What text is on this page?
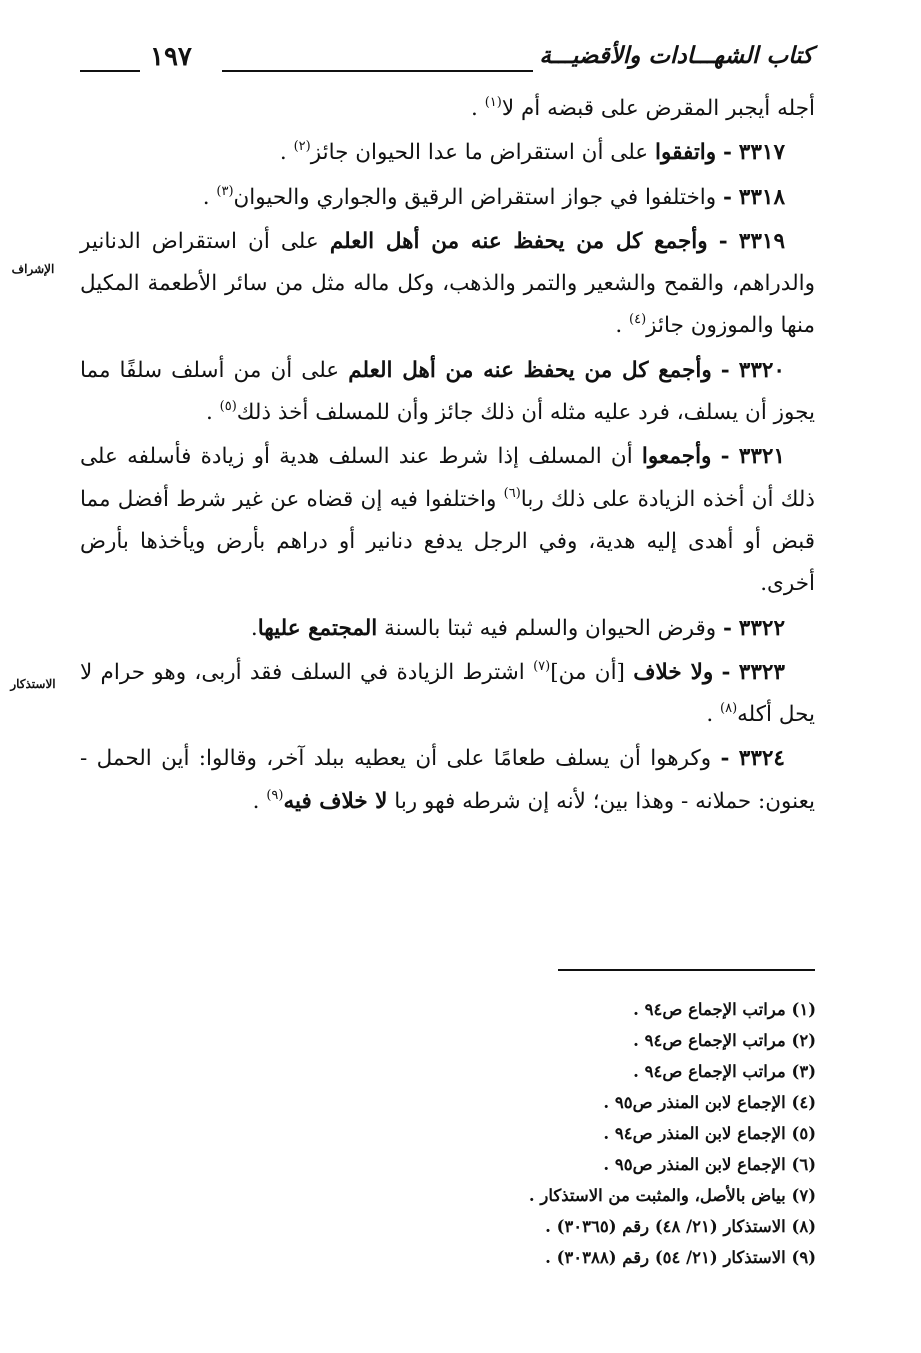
كتاب الشهـــادات والأقضيـــة
١٩٧
الإشراف
الاستذكار

أجله أيجبر المقرض على قبضه أم لا$^{(١)}$ .

٣٣١٧ - واتفقوا على أن استقراض ما عدا الحيوان جائز$^{(٢)}$ .

٣٣١٨ - واختلفوا في جواز استقراض الرقيق والجواري والحيوان$^{(٣)}$ .

٣٣١٩ - وأجمع كل من يحفظ عنه من أهل العلم على أن استقراض الدنانير والدراهم، والقمح والشعير والتمر والذهب، وكل ماله مثل من سائر الأطعمة المكيل منها والموزون جائز$^{(٤)}$ .

٣٣٢٠ - وأجمع كل من يحفظ عنه من أهل العلم على أن من أسلف سلفًا مما يجوز أن يسلف، فرد عليه مثله أن ذلك جائز وأن للمسلف أخذ ذلك$^{(٥)}$ .

٣٣٢١ - وأجمعوا أن المسلف إذا شرط عند السلف هدية أو زيادة فأسلفه على ذلك أن أخذه الزيادة على ذلك ربا$^{(٦)}$ واختلفوا فيه إن قضاه عن غير شرط أفضل مما قبض أو أهدى إليه هدية، وفي الرجل يدفع دنانير أو دراهم بأرض ويأخذها بأرض أخرى.

٣٣٢٢ - وقرض الحيوان والسلم فيه ثبتا بالسنة المجتمع عليها.

٣٣٢٣ - ولا خلاف [أن من]$^{(٧)}$ اشترط الزيادة في السلف فقد أربى، وهو حرام لا يحل أكله$^{(٨)}$ .

٣٣٢٤ - وكرهوا أن يسلف طعامًا على أن يعطيه ببلد آخر، وقالوا: أين الحمل - يعنون: حملانه - وهذا بين؛ لأنه إن شرطه فهو ربا لا خلاف فيه$^{(٩)}$ .

(١) مراتب الإجماع ص٩٤ .
(٢) مراتب الإجماع ص٩٤ .
(٣) مراتب الإجماع ص٩٤ .
(٤) الإجماع لابن المنذر ص٩٥ .
(٥) الإجماع لابن المنذر ص٩٤ .
(٦) الإجماع لابن المنذر ص٩٥ .
(٧) بياض بالأصل، والمثبت من الاستذكار .
(٨) الاستذكار (٢١/ ٤٨) رقم (٣٠٣٦٥) .
(٩) الاستذكار (٢١/ ٥٤) رقم (٣٠٣٨٨) .
